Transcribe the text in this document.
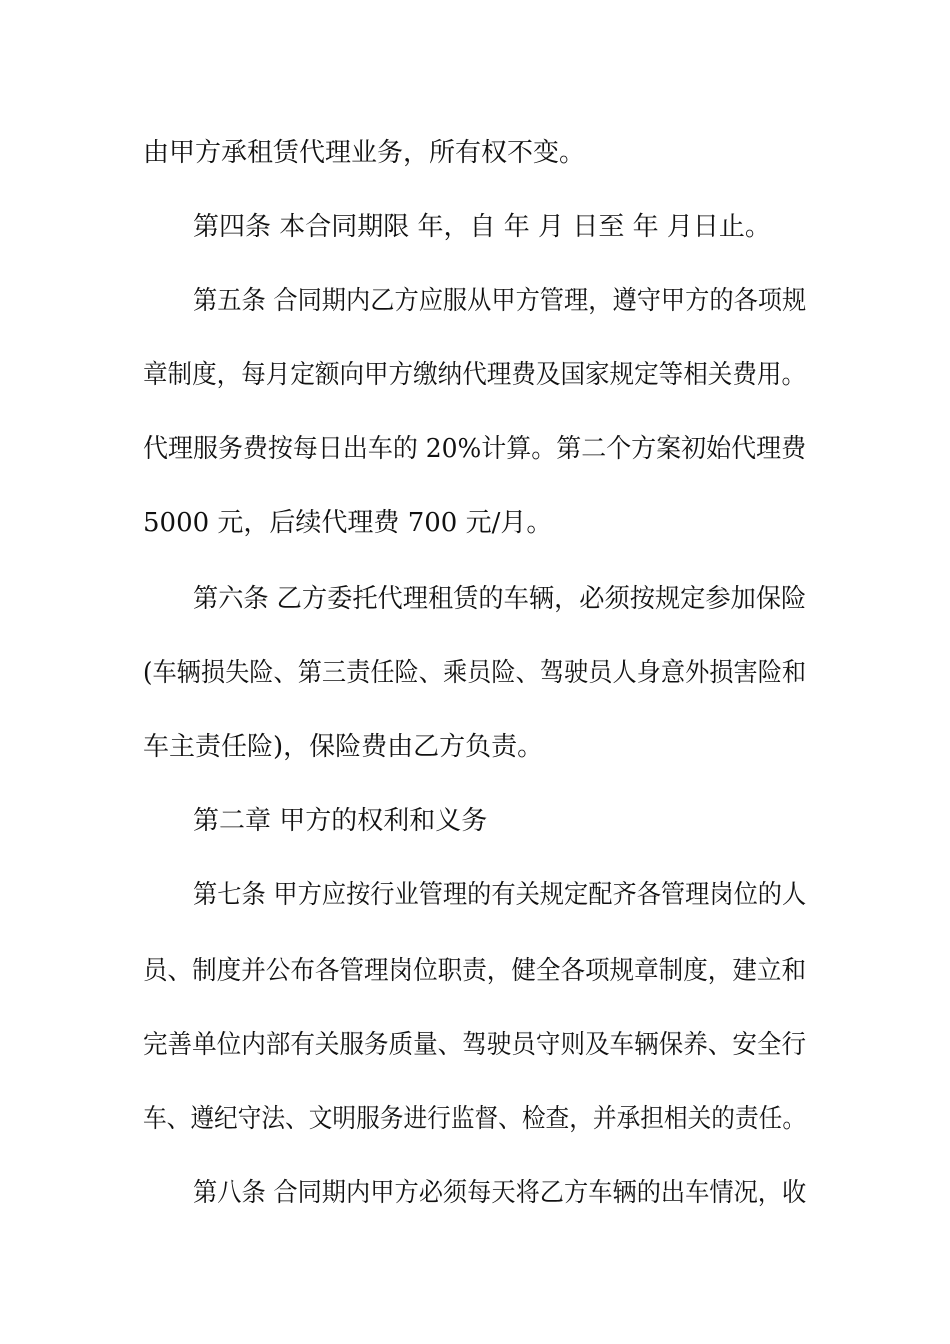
由甲方承租赁代理业务，所有权不变。
第四条 本合同期限 年，自 年 月 日至 年 月日止。
第五条 合同期内乙方应服从甲方管理，遵守甲方的各项规
章制度，每月定额向甲方缴纳代理费及国家规定等相关费用。
代理服务费按每日出车的 20%计算。第二个方案初始代理费
5000 元，后续代理费 700 元/月。
第六条 乙方委托代理租赁的车辆，必须按规定参加保险
(车辆损失险、第三责任险、乘员险、驾驶员人身意外损害险和
车主责任险)，保险费由乙方负责。
第二章 甲方的权利和义务
第七条 甲方应按行业管理的有关规定配齐各管理岗位的人
员、制度并公布各管理岗位职责，健全各项规章制度，建立和
完善单位内部有关服务质量、驾驶员守则及车辆保养、安全行
车、遵纪守法、文明服务进行监督、检查，并承担相关的责任。
第八条 合同期内甲方必须每天将乙方车辆的出车情况，收
